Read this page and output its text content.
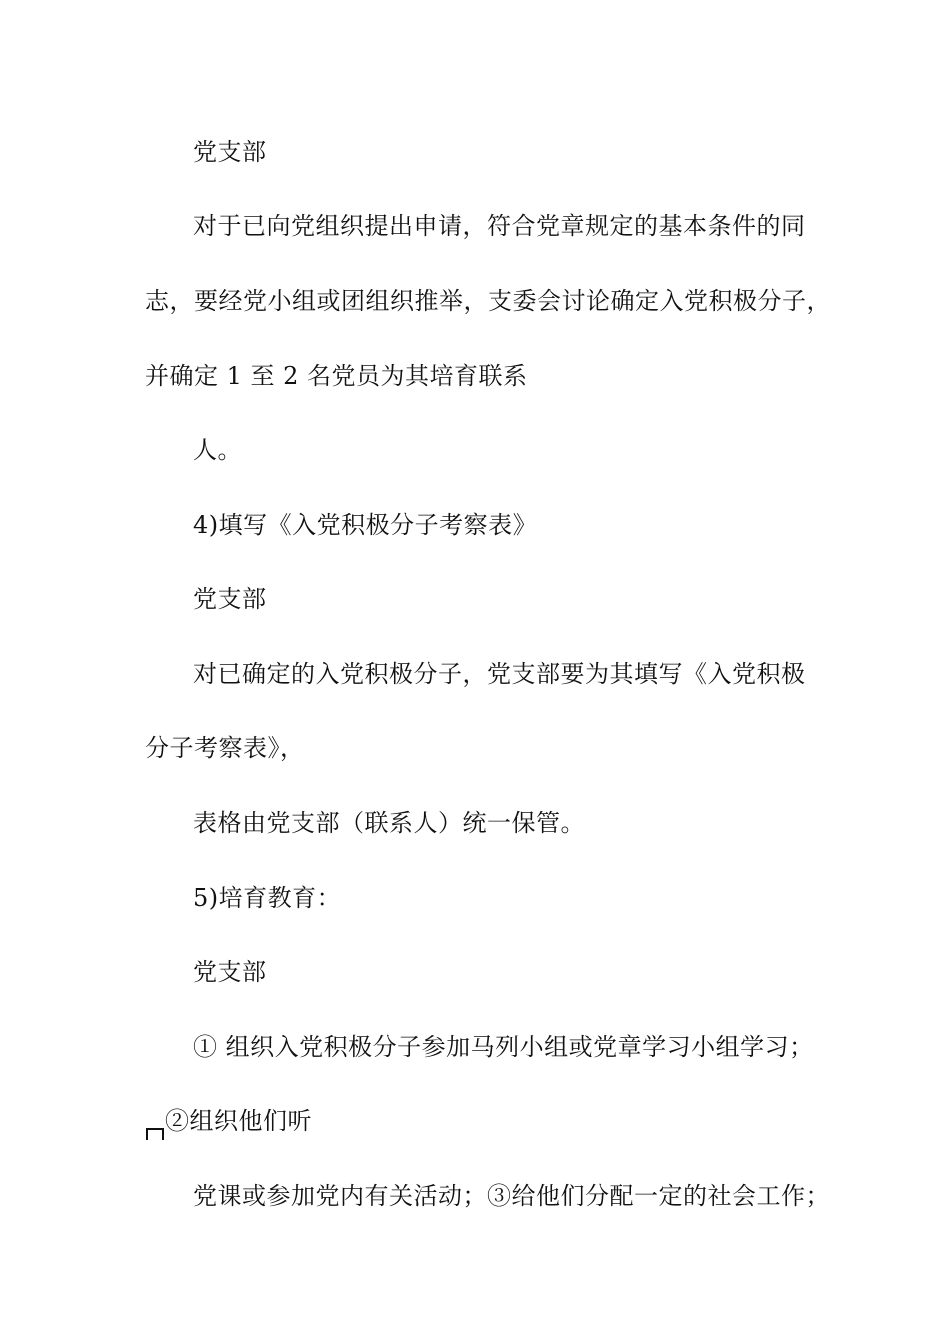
党支部
对于已向党组织提出申请，符合党章规定的基本条件的同
志，要经党小组或团组织推举，支委会讨论确定入党积极分子，
并确定 1 至 2 名党员为其培育联系
人。
4)填写《入党积极分子考察表》
党支部
对已确定的入党积极分子，党支部要为其填写《入党积极
分子考察表》，
表格由党支部（联系人）统一保管。
5)培育教育：
党支部
① 组织入党积极分子参加马列小组或党章学习小组学习；
②组织他们听
党课或参加党内有关活动；③给他们分配一定的社会工作；
